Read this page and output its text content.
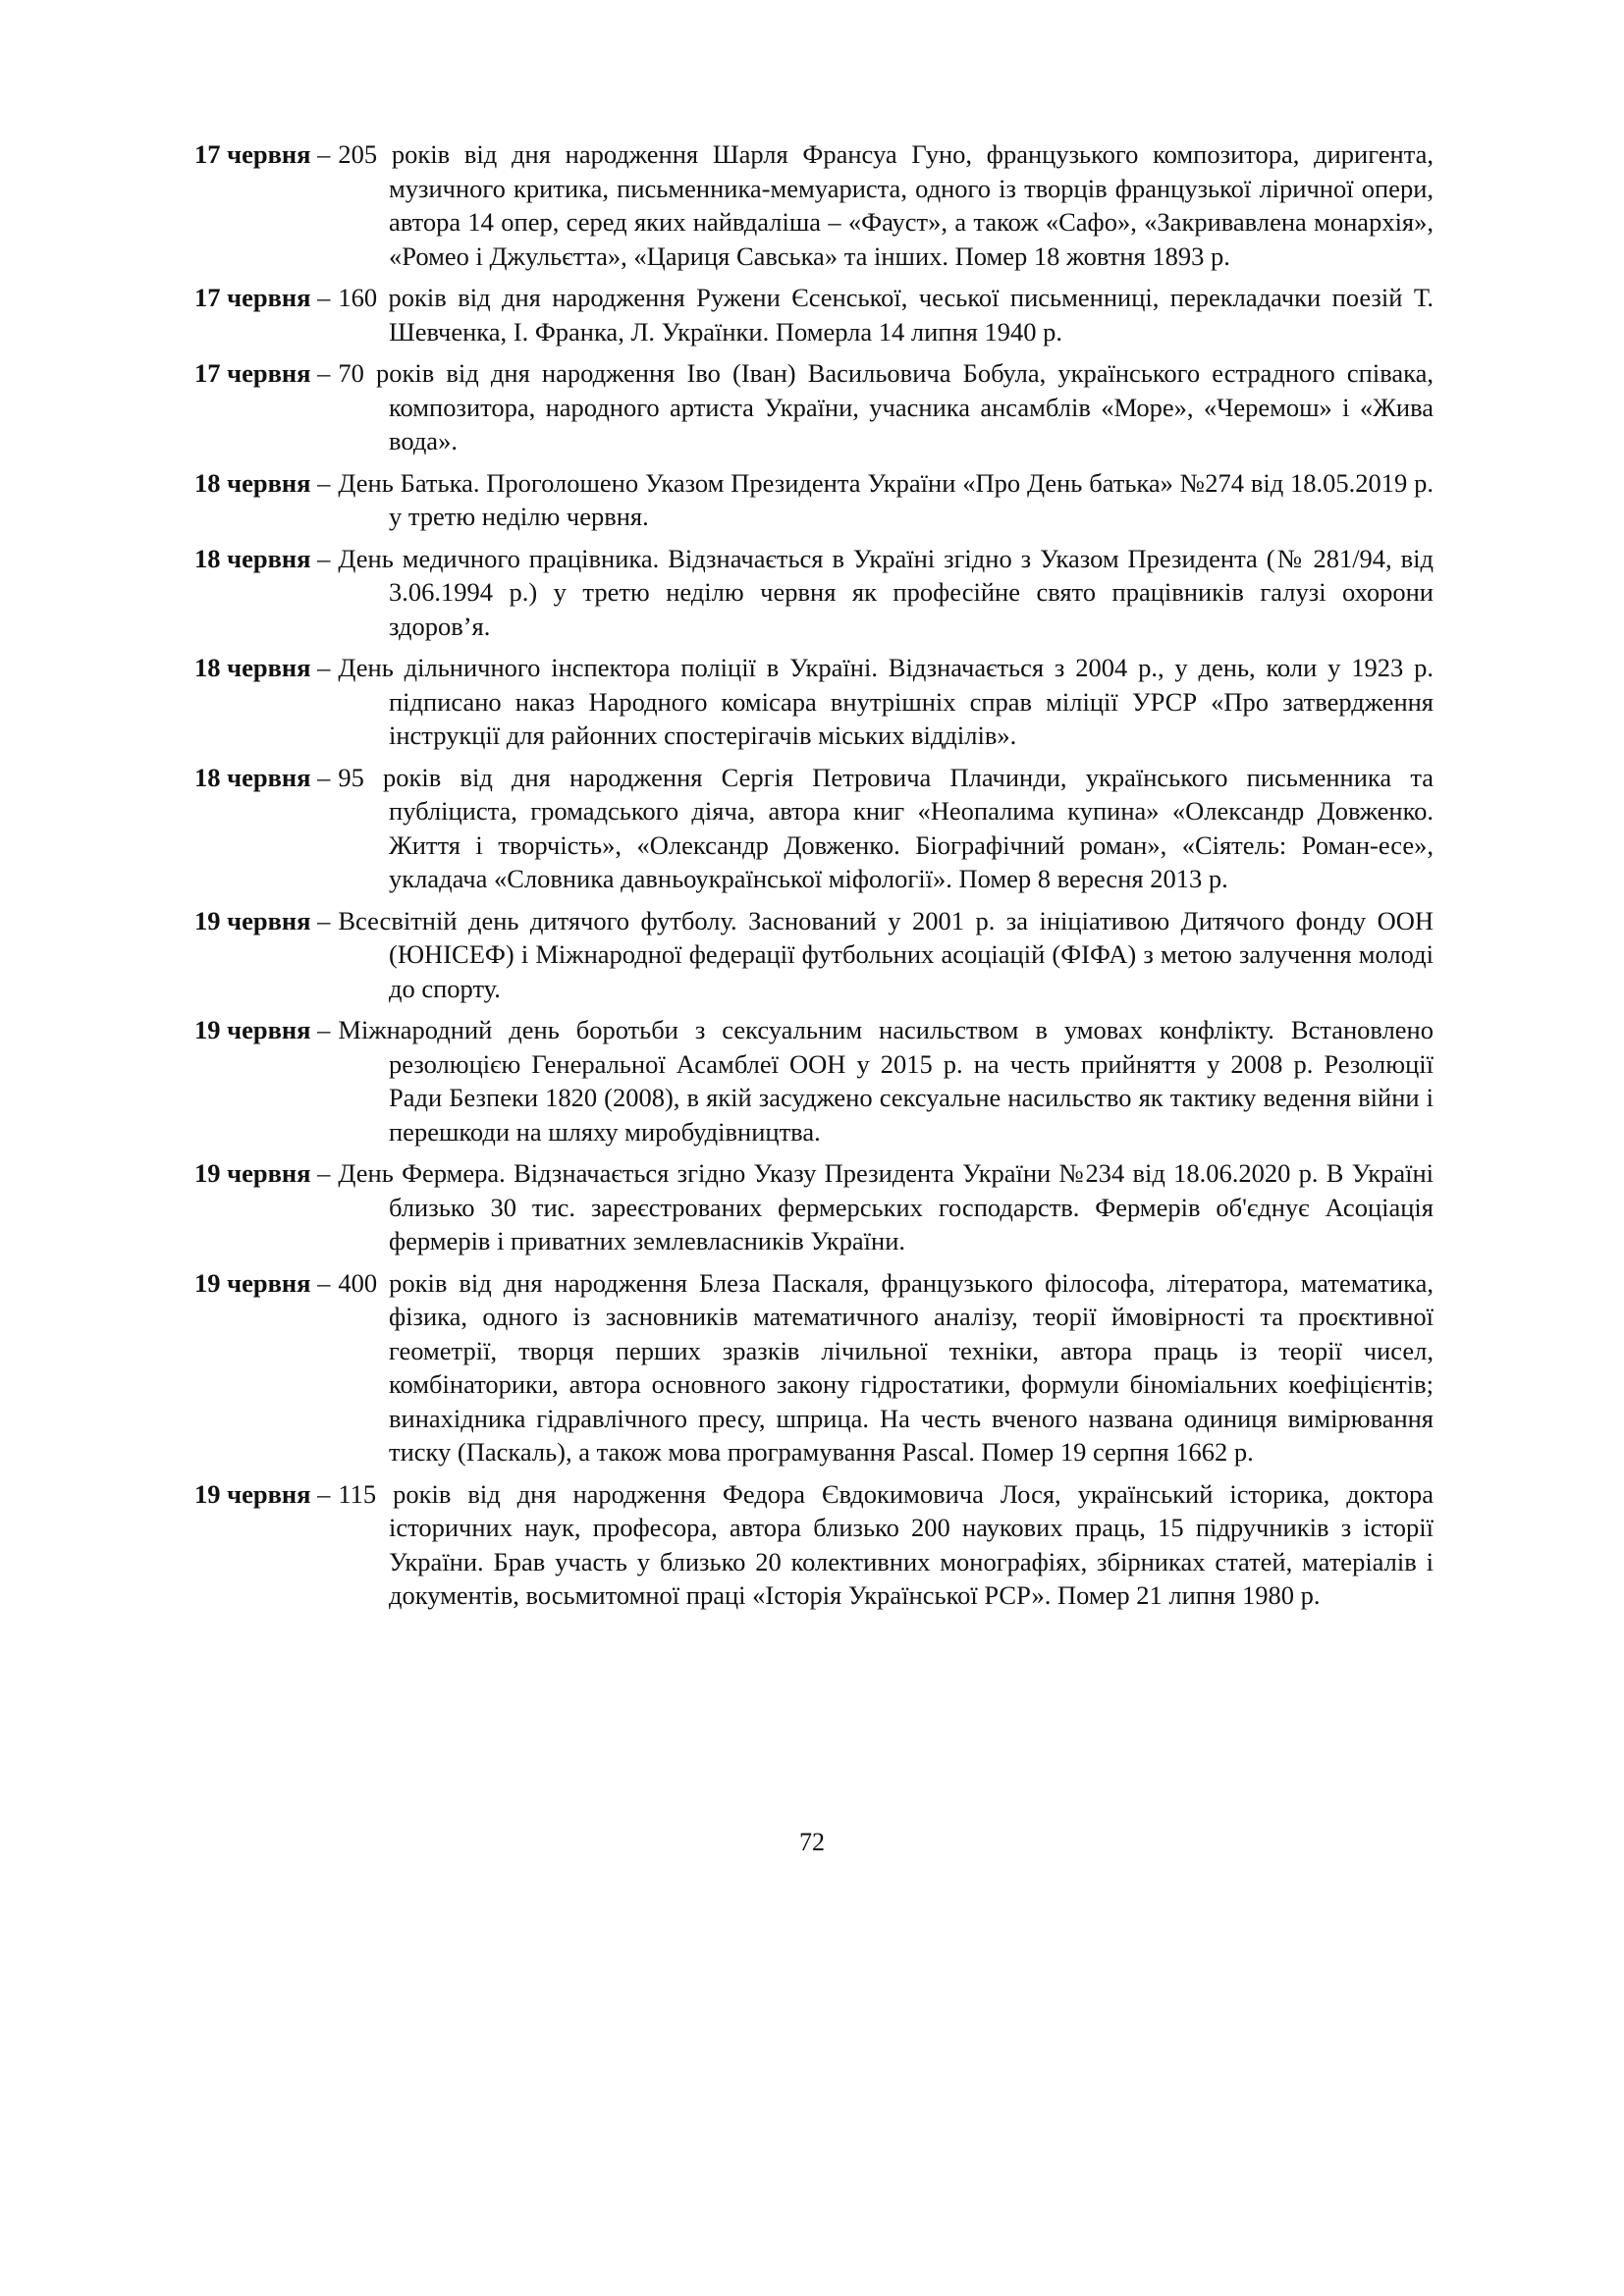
17 червня – 205 років від дня народження Шарля Франсуа Гуно, французького композитора, диригента, музичного критика, письменника-мемуариста, одного із творців французької ліричної опери, автора 14 опер, серед яких найвдаліша – «Фауст», а також «Сафо», «Закривавлена монархія», «Ромео і Джульєтта», «Цариця Савська» та інших. Помер 18 жовтня 1893 р.
17 червня – 160 років від дня народження Ружени Єсенської, чеської письменниці, перекладачки поезій Т. Шевченка, І. Франка, Л. Українки. Померла 14 липня 1940 р.
17 червня – 70 років від дня народження Іво (Іван) Васильовича Бобула, українського естрадного співака, композитора, народного артиста України, учасника ансамблів «Море», «Черемош» і «Жива вода».
18 червня – День Батька. Проголошено Указом Президента України «Про День батька» №274 від 18.05.2019 р. у третю неділю червня.
18 червня – День медичного працівника. Відзначається в Україні згідно з Указом Президента (№ 281/94, від 3.06.1994 р.) у третю неділю червня як професійне свято працівників галузі охорони здоров’я.
18 червня – День дільничного інспектора поліції в Україні. Відзначається з 2004 р., у день, коли у 1923 р. підписано наказ Народного комісара внутрішніх справ міліції УРСР «Про затвердження інструкції для районних спостерігачів міських відділів».
18 червня – 95 років від дня народження Сергія Петровича Плачинди, українського письменника та публіциста, громадського діяча, автора книг «Неопалима купина» «Олександр Довженко. Життя і творчість», «Олександр Довженко. Біографічний роман», «Сіятель: Роман-есе», укладача «Словника давньоукраїнської міфології». Помер 8 вересня 2013 р.
19 червня – Всесвітній день дитячого футболу. Заснований у 2001 р. за ініціативою Дитячого фонду ООН (ЮНІСЕФ) і Міжнародної федерації футбольних асоціацій (ФІФА) з метою залучення молоді до спорту.
19 червня – Міжнародний день боротьби з сексуальним насильством в умовах конфлікту. Встановлено резолюцією Генеральної Асамблеї ООН у 2015 р. на честь прийняття у 2008 р. Резолюції Ради Безпеки 1820 (2008), в якій засуджено сексуальне насильство як тактику ведення війни і перешкоди на шляху миробудівництва.
19 червня – День Фермера. Відзначається згідно Указу Президента України №234 від 18.06.2020 р. В Україні близько 30 тис. зареєстрованих фермерських господарств. Фермерів об'єднує Асоціація фермерів і приватних землевласників України.
19 червня – 400 років від дня народження Блеза Паскаля, французького філософа, літератора, математика, фізика, одного із засновників математичного аналізу, теорії ймовірності та проєктивної геометрії, творця перших зразків лічильної техніки, автора праць із теорії чисел, комбінаторики, автора основного закону гідростатики, формули біноміальних коефіцієнтів; винахідника гідравлічного пресу, шприца. На честь вченого названа одиниця вимірювання тиску (Паскаль), а також мова програмування Pascal. Помер 19 серпня 1662 р.
19 червня – 115 років від дня народження Федора Євдокимовича Лося, український історика, доктора історичних наук, професора, автора близько 200 наукових праць, 15 підручників з історії України. Брав участь у близько 20 колективних монографіях, збірниках статей, матеріалів і документів, восьмитомної праці «Історія Української РСР». Помер 21 липня 1980 р.
72
